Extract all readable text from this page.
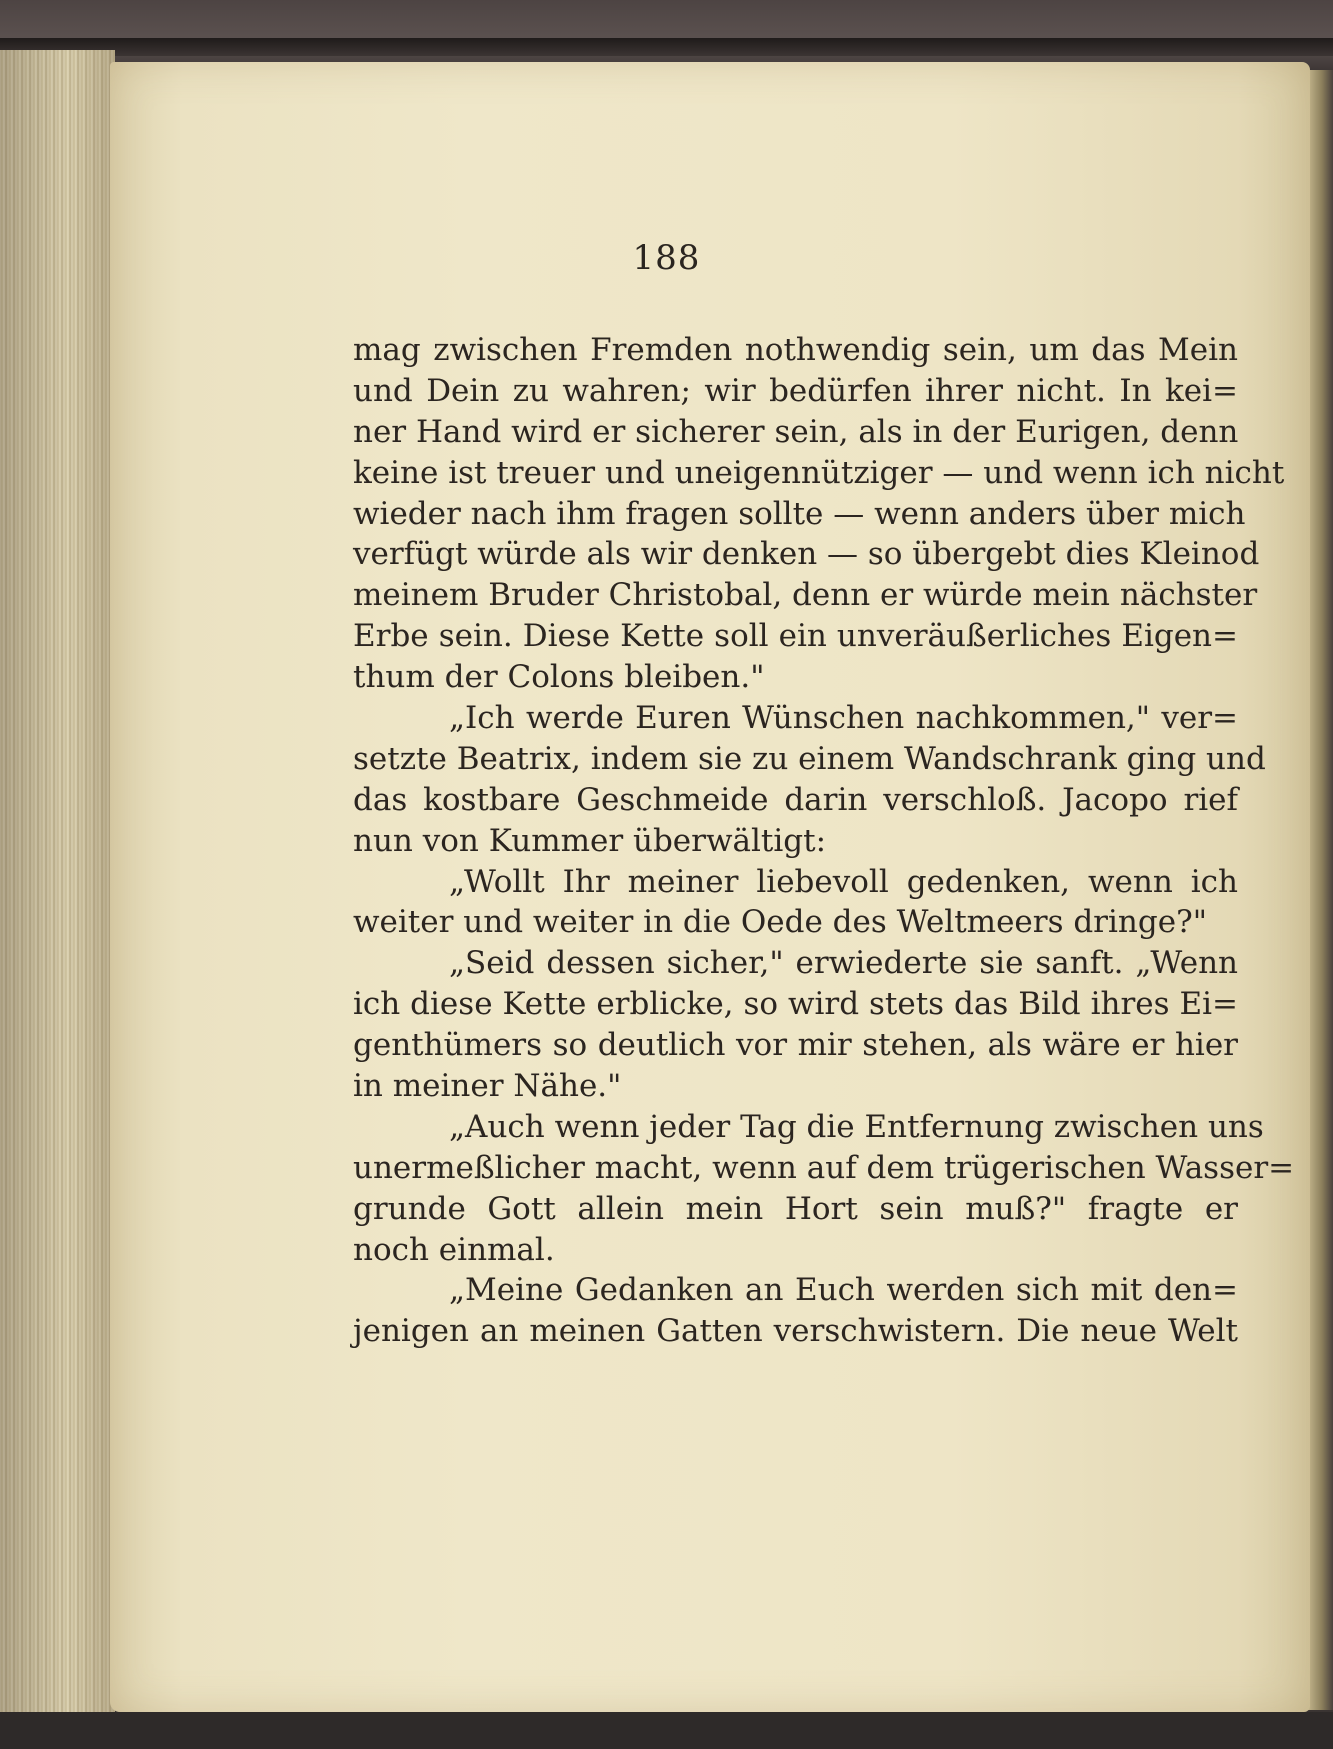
188
mag zwischen Fremden nothwendig sein, um das Mein
und Dein zu wahren; wir bedürfen ihrer nicht. In kei=
ner Hand wird er sicherer sein, als in der Eurigen, denn
keine ist treuer und uneigennütziger — und wenn ich nicht
wieder nach ihm fragen sollte — wenn anders über mich
verfügt würde als wir denken — so übergebt dies Kleinod
meinem Bruder Christobal, denn er würde mein nächster
Erbe sein. Diese Kette soll ein unveräußerliches Eigen=
thum der Colons bleiben."
„Ich werde Euren Wünschen nachkommen," ver=
setzte Beatrix, indem sie zu einem Wandschrank ging und
das kostbare Geschmeide darin verschloß. Jacopo rief
nun von Kummer überwältigt:
„Wollt Ihr meiner liebevoll gedenken, wenn ich
weiter und weiter in die Oede des Weltmeers dringe?"
„Seid dessen sicher," erwiederte sie sanft. „Wenn
ich diese Kette erblicke, so wird stets das Bild ihres Ei=
genthümers so deutlich vor mir stehen, als wäre er hier
in meiner Nähe."
„Auch wenn jeder Tag die Entfernung zwischen uns
unermeßlicher macht, wenn auf dem trügerischen Wasser=
grunde Gott allein mein Hort sein muß?" fragte er
noch einmal.
„Meine Gedanken an Euch werden sich mit den=
jenigen an meinen Gatten verschwistern. Die neue Welt
